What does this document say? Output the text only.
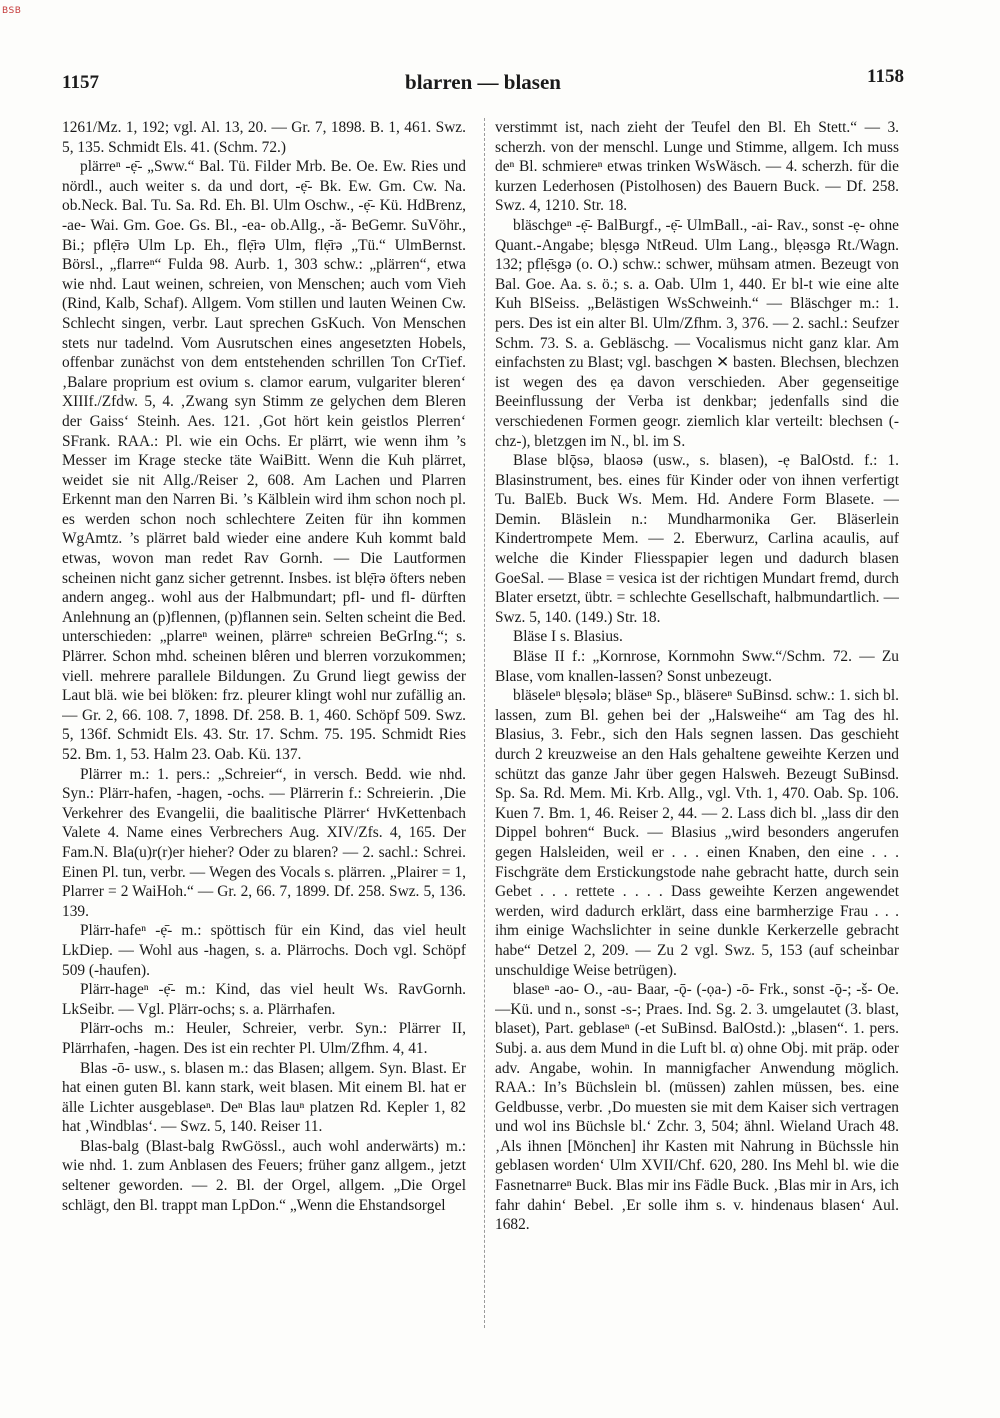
BSB
1157	blarren — blasen	1158

1261/Mz. 1, 192; vgl. Al. 13, 20. — Gr. 7, 1898. B. 1, 461. Swz. 5, 135. Schmidt Els. 41. (Schm. 72.)

plärreⁿ -ẹ̄- „Sww.“ Bal. Tü. Filder Mrb. Be. Oe. Ew. Ries und nördl., auch weiter s. da und dort, -ẹ̄- Bk. Ew. Gm. Cw. Na. ob.Neck. Bal. Tu. Sa. Rd. Eh. Bl. Ulm Oschw., -ẹ̄- Kü. HdBrenz, -ae- Wai. Gm. Goe. Gs. Bl., -ea- ob.Allg., -ă- BeGemr. SuVöhr., Bi.; pflẹ̄rə Ulm Lp. Eh., flẹ̄rə Ulm, flẹ̄rə „Tü.“ UlmBernst. Börsl., „flarreⁿ“ Fulda 98. Aurb. 1, 303 schw.: „plärren“, etwa wie nhd. Laut weinen, schreien, von Menschen; auch vom Vieh (Rind, Kalb, Schaf). Allgem. Vom stillen und lauten Weinen Cw. Schlecht singen, verbr. Laut sprechen GsKuch. Von Menschen stets nur tadelnd. Vom Ausrutschen eines angesetzten Hobels, offenbar zunächst von dem entstehenden schrillen Ton CrTief. ‚Balare proprium est ovium s. clamor earum, vulgariter bleren‘ XIIIf./Zfdw. 5, 4. ‚Zwang syn Stimm ze gelychen dem Bleren der Gaiss‘ Steinh. Aes. 121. ‚Got hört kein geistlos Plerren‘ SFrank. RAA.: Pl. wie ein Ochs. Er plärrt, wie wenn ihm ’s Messer im Krage stecke täte WaiBitt. Wenn die Kuh plärret, weidet sie nit Allg./Reiser 2, 608. Am Lachen und Plarren Erkennt man den Narren Bi. ’s Kälblein wird ihm schon noch pl. es werden schon noch schlechtere Zeiten für ihn kommen WgAmtz. ’s plärret bald wieder eine andere Kuh kommt bald etwas, wovon man redet Rav Gornh. — Die Lautformen scheinen nicht ganz sicher getrennt. Insbes. ist blẹ̄rə öfters neben andern angeg.. wohl aus der Halbmundart; pfl- und fl- dürften Anlehnung an (p)flennen, (p)flannen sein. Selten scheint die Bed. unterschieden: „plarreⁿ weinen, plärreⁿ schreien BeGrIng.“; s. Plärrer. Schon mhd. scheinen blêren und blerren vorzukommen; viell. mehrere parallele Bildungen. Zu Grund liegt gewiss der Laut blä. wie bei blöken: frz. pleurer klingt wohl nur zufällig an. — Gr. 2, 66. 108. 7, 1898. Df. 258. B. 1, 460. Schöpf 509. Swz. 5, 136f. Schmidt Els. 43. Str. 17. Schm. 75. 195. Schmidt Ries 52. Bm. 1, 53. Halm 23. Oab. Kü. 137.

Plärrer m.: 1. pers.: „Schreier“, in versch. Bedd. wie nhd. Syn.: Plärr-hafen, -hagen, -ochs. — Plärrerin f.: Schreierin. ‚Die Verkehrer des Evangelii, die baalitische Plärrer‘ HvKettenbach Valete 4. Name eines Verbrechers Aug. XIV/Zfs. 4, 165. Der Fam.N. Bla(u)r(r)er hieher? Oder zu blaren? — 2. sachl.: Schrei. Einen Pl. tun, verbr. — Wegen des Vocals s. plärren. „Plairer = 1, Plarrer = 2 WaiHoh.“ — Gr. 2, 66. 7, 1899. Df. 258. Swz. 5, 136. 139.

Plärr-hafeⁿ -ẹ̄- m.: spöttisch für ein Kind, das viel heult LkDiep. — Wohl aus -hagen, s. a. Plärrochs. Doch vgl. Schöpf 509 (-haufen).

Plärr-hageⁿ -ẹ̄- m.: Kind, das viel heult Ws. RavGornh. LkSeibr. — Vgl. Plärr-ochs; s. a. Plärrhafen.

Plärr-ochs m.: Heuler, Schreier, verbr. Syn.: Plärrer II, Plärrhafen, -hagen. Des ist ein rechter Pl. Ulm/Zfhm. 4, 41.

Blas -ō- usw., s. blasen m.: das Blasen; allgem. Syn. Blast. Er hat einen guten Bl. kann stark, weit blasen. Mit einem Bl. hat er älle Lichter ausgeblaseⁿ. Deⁿ Blas lauⁿ platzen Rd. Kepler 1, 82 hat ‚Windblas‘. — Swz. 5, 140. Reiser 11.

Blas-balg (Blast-balg RwGössl., auch wohl anderwärts) m.: wie nhd. 1. zum Anblasen des Feuers; früher ganz allgem., jetzt seltener geworden. — 2. Bl. der Orgel, allgem. „Die Orgel schlägt, den Bl. trappt man LpDon.“ „Wenn die Ehstandsorgel

verstimmt ist, nach zieht der Teufel den Bl. Eh Stett.“ — 3. scherzh. von der menschl. Lunge und Stimme, allgem. Ich muss deⁿ Bl. schmiereⁿ etwas trinken WsWäsch. — 4. scherzh. für die kurzen Lederhosen (Pistolhosen) des Bauern Buck. — Df. 258. Swz. 4, 1210. Str. 18.

bläschgeⁿ -ẹ̄- BalBurgf., -ẹ̄- UlmBall., -ai- Rav., sonst -ẹ- ohne Quant.-Angabe; blẹsgə NtReud. Ulm Lang., blẹəsgə Rt./Wagn. 132; pflẹ̄sgə (o. O.) schw.: schwer, mühsam atmen. Bezeugt von Bal. Goe. Aa. s. ö.; s. a. Oab. Ulm 1, 440. Er bl-t wie eine alte Kuh BlSeiss. „Belästigen WsSchweinh.“ — Bläschger m.: 1. pers. Des ist ein alter Bl. Ulm/Zfhm. 3, 376. — 2. sachl.: Seufzer Schm. 73. S. a. Gebläschg. — Vocalismus nicht ganz klar. Am einfachsten zu Blast; vgl. baschgen ✕ basten. Blechsen, blechzen ist wegen des ẹa davon verschieden. Aber gegenseitige Beeinflussung der Verba ist denkbar; jedenfalls sind die verschiedenen Formen geogr. ziemlich klar verteilt: blechsen (-chz-), bletzgen im N., bl. im S.

Blase blǭsə, blaosə (usw., s. blasen), -ẹ BalOstd. f.: 1. Blasinstrument, bes. eines für Kinder oder von ihnen verfertigt Tu. BalEb. Buck Ws. Mem. Hd. Andere Form Blasete. — Demin. Bläslein n.: Mundharmonika Ger. Bläserlein Kindertrompete Mem. — 2. Eberwurz, Carlina acaulis, auf welche die Kinder Fliesspapier legen und dadurch blasen GoeSal. — Blase = vesica ist der richtigen Mundart fremd, durch Blater ersetzt, übtr. = schlechte Gesellschaft, halbmundartlich. — Swz. 5, 140. (149.) Str. 18.

Bläse I s. Blasius.

Bläse II f.: „Kornrose, Kornmohn Sww.“/Schm. 72. — Zu Blase, vom knallen-lassen? Sonst unbezeugt.

bläseleⁿ blẹsələ; bläseⁿ Sp., bläsereⁿ SuBinsd. schw.: 1. sich bl. lassen, zum Bl. gehen bei der „Halsweihe“ am Tag des hl. Blasius, 3. Febr., sich den Hals segnen lassen. Das geschieht durch 2 kreuzweise an den Hals gehaltene geweihte Kerzen und schützt das ganze Jahr über gegen Halsweh. Bezeugt SuBinsd. Sp. Sa. Rd. Mem. Mi. Krb. Allg., vgl. Vth. 1, 470. Oab. Sp. 106. Kuen 7. Bm. 1, 46. Reiser 2, 44. — 2. Lass dich bl. „lass dir den Dippel bohren“ Buck. — Blasius „wird besonders angerufen gegen Halsleiden, weil er . . . einen Knaben, den eine . . . Fischgräte dem Erstickungstode nahe gebracht hatte, durch sein Gebet . . . rettete . . . . Dass geweihte Kerzen angewendet werden, wird dadurch erklärt, dass eine barmherzige Frau . . . ihm einige Wachslichter in seine dunkle Kerkerzelle gebracht habe“ Detzel 2, 209. — Zu 2 vgl. Swz. 5, 153 (auf scheinbar unschuldige Weise betrügen).

blaseⁿ -ao- O., -au- Baar, -ǭ- (-ọa-) -ō- Frk., sonst -ǭ-; -š- Oe.—Kü. und n., sonst -s-; Praes. Ind. Sg. 2. 3. umgelautet (3. blast, blaset), Part. geblaseⁿ (-et SuBinsd. BalOstd.): „blasen“. 1. pers. Subj. a. aus dem Mund in die Luft bl. α) ohne Obj. mit präp. oder adv. Angabe, wohin. In mannigfacher Anwendung möglich. RAA.: In’s Büchslein bl. (müssen) zahlen müssen, bes. eine Geldbusse, verbr. ‚Do muesten sie mit dem Kaiser sich vertragen und wol ins Büchsle bl.‘ Zchr. 3, 504; ähnl. Wieland Urach 48. ‚Als ihnen [Mönchen] ihr Kasten mit Nahrung in Büchssle hin geblasen worden‘ Ulm XVII/Chf. 620, 280. Ins Mehl bl. wie die Fasnetnarreⁿ Buck. Blas mir ins Fädle Buck. ‚Blas mir in Ars, ich fahr dahin‘ Bebel. ‚Er solle ihm s. v. hindenaus blasen‘ Aul. 1682.
